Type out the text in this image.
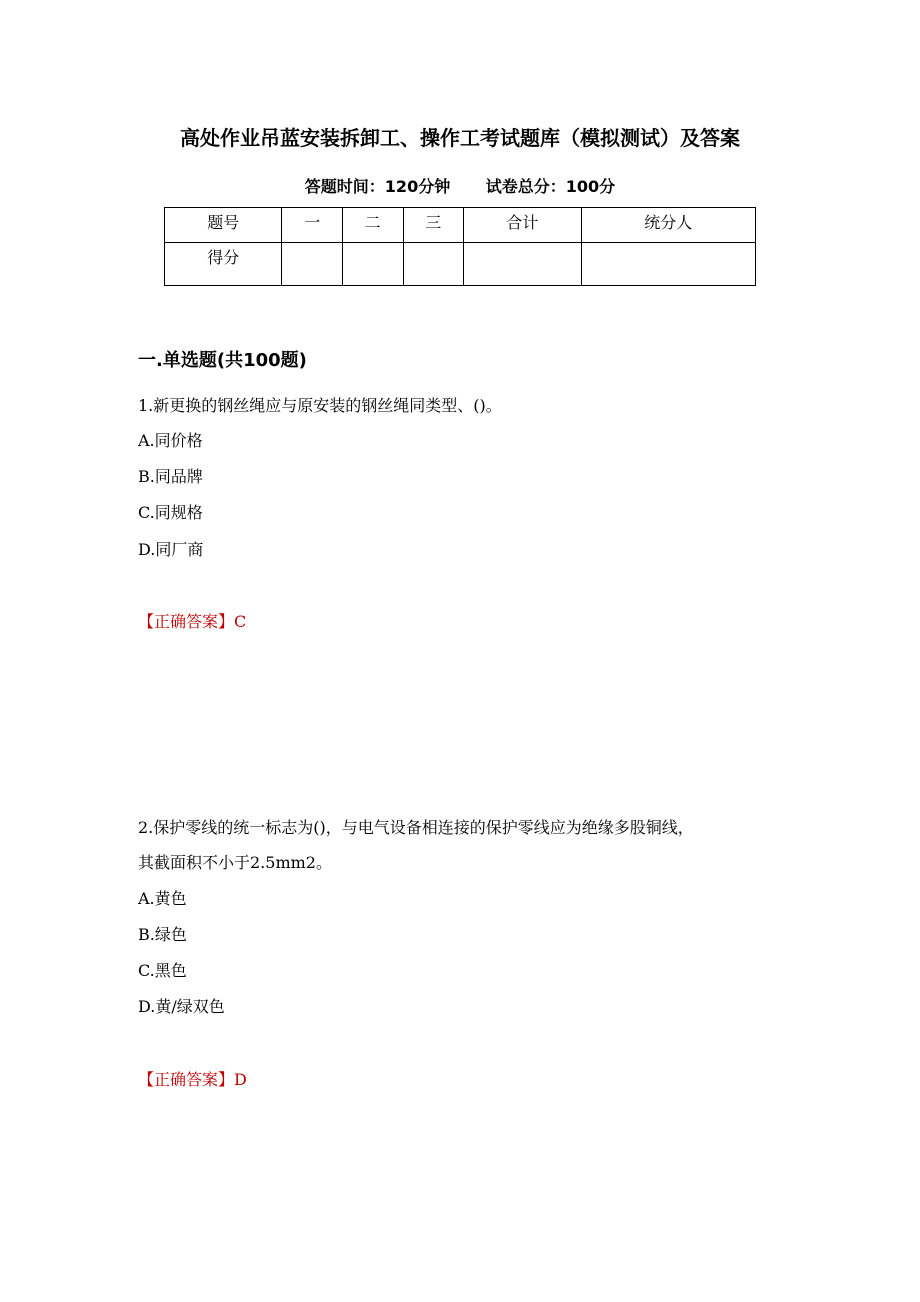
高处作业吊蓝安装拆卸工、操作工考试题库（模拟测试）及答案
答题时间：120分钟 试卷总分：100分
题号	一	二	三	合计	统分人
得分					
一.单选题(共100题)
1.新更换的钢丝绳应与原安装的钢丝绳同类型、()。
A.同价格
B.同品牌
C.同规格
D.同厂商
【正确答案】C
2.保护零线的统一标志为()，与电气设备相连接的保护零线应为绝缘多股铜线，
其截面积不小于2.5mm2。
A.黄色
B.绿色
C.黑色
D.黄/绿双色
【正确答案】D
